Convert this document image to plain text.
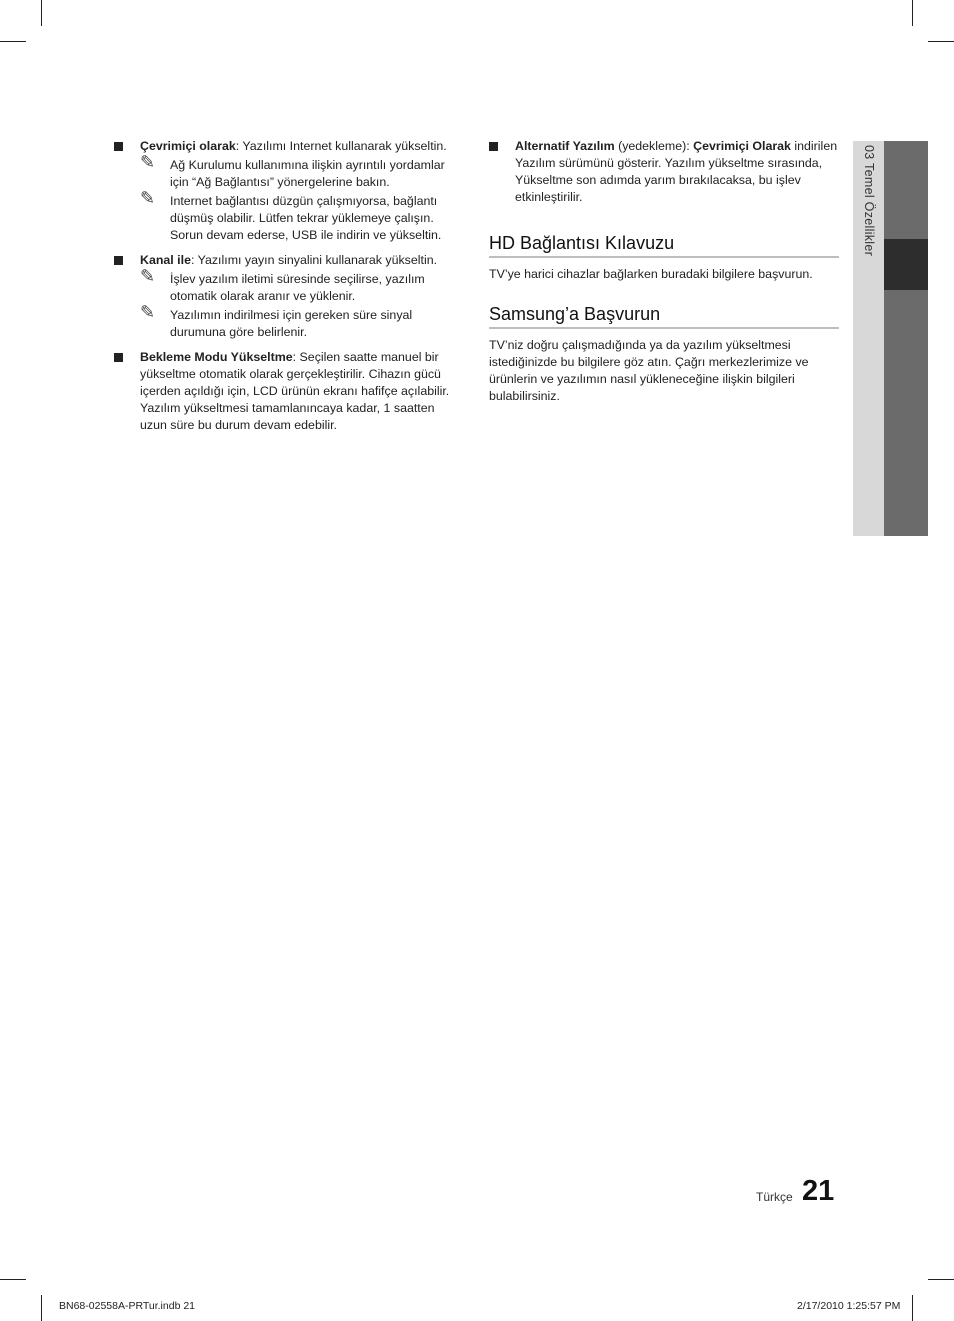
Çevrimiçi olarak: Yazılımı Internet kullanarak yükseltin.
✎ Ağ Kurulumu kullanımına ilişkin ayrıntılı yordamlar için “Ağ Bağlantısı” yönergelerine bakın.
✎ Internet bağlantısı düzgün çalışmıyorsa, bağlantı düşmüş olabilir. Lütfen tekrar yüklemeye çalışın. Sorun devam ederse, USB ile indirin ve yükseltin.
Kanal ile: Yazılımı yayın sinyalini kullanarak yükseltin.
✎ İşlev yazılım iletimi süresinde seçilirse, yazılım otomatik olarak aranır ve yüklenir.
✎ Yazılımın indirilmesi için gereken süre sinyal durumuna göre belirlenir.
Bekleme Modu Yükseltme: Seçilen saatte manuel bir yükseltme otomatik olarak gerçekleştirilir. Cihazın gücü içerden açıldığı için, LCD ürünün ekranı hafifçe açılabilir. Yazılım yükseltmesi tamamlanıncaya kadar, 1 saatten uzun süre bu durum devam edebilir.
Alternatif Yazılım (yedekleme): Çevrimiçi Olarak indirilen Yazılım sürümünü gösterir. Yazılım yükseltme sırasında, Yükseltme son adımda yarım bırakılacaksa, bu işlev etkinleştirilir.
HD Bağlantısı Kılavuzu

TV’ye harici cihazlar bağlarken buradaki bilgilere başvurun.

Samsung’a Başvurun

TV’niz doğru çalışmadığında ya da yazılım yükseltmesi istediğinizde bu bilgilere göz atın. Çağrı merkezlerimize ve ürünlerin ve yazılımın nasıl yükleneceğine ilişkin bilgileri bulabilirsiniz.

03 Temel Özellikler
Türkçe 21
BN68-02558A-PRTur.indb 21	2/17/2010 1:25:57 PM
